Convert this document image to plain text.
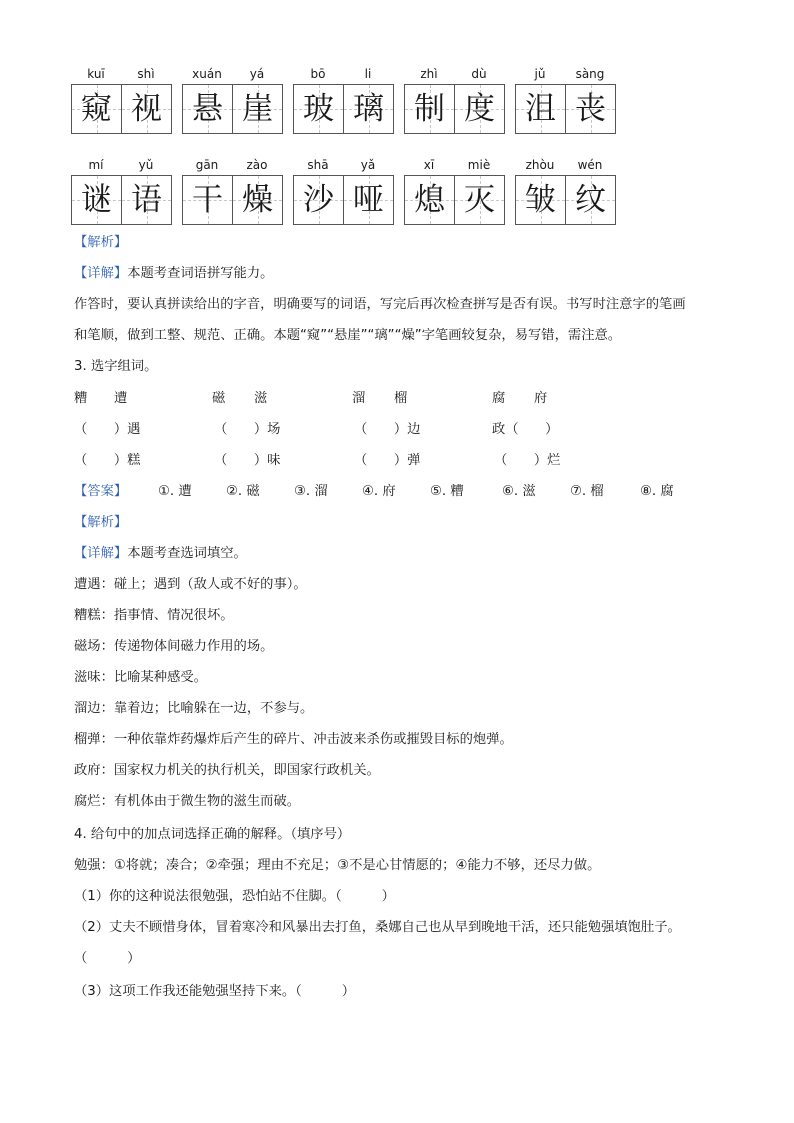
kuī	shì
窥 视
xuán	yá
悬 崖
bō	li
玻 璃
zhì	dù
制 度
jǔ	sàng
沮 丧
mí	yǔ
谜 语
gān	zào
干 燥
shā	yǎ
沙 哑
xī	miè
熄 灭
zhòu	wén
皱 纹
【解析】
【详解】本题考查词语拼写能力。
作答时，要认真拼读给出的字音，明确要写的词语，写完后再次检查拼写是否有误。书写时注意字的笔画
和笔顺，做到工整、规范、正确。本题“窥”“悬崖”“璃”“燥”字笔画较复杂，易写错，需注意。
3. 选字组词。
糟 遭	磁 滋	溜 榴	腐 府
（　　）遇	（　　）场	（　　）边	政（　　）
（　　）糕	（　　）味	（　　）弹	（　　）烂
【答案】 ①. 遭	②. 磁	③. 溜	④. 府	⑤. 糟	⑥. 滋	⑦. 榴	⑧. 腐
【解析】
【详解】本题考查选词填空。
遭遇：碰上；遇到（敌人或不好的事）。
糟糕：指事情、情况很坏。
磁场：传递物体间磁力作用的场。
滋味：比喻某种感受。
溜边：靠着边；比喻躲在一边，不参与。
榴弹：一种依靠炸药爆炸后产生的碎片、冲击波来杀伤或摧毁目标的炮弹。
政府：国家权力机关的执行机关，即国家行政机关。
腐烂：有机体由于微生物的滋生而破。
4. 给句中的加点词选择正确的解释。（填序号）
勉强：①将就；凑合；②牵强；理由不充足；③不是心甘情愿的；④能力不够，还尽力做。
（1）你的这种说法很勉强，恐怕站不住脚。（　　　）
（2）丈夫不顾惜身体，冒着寒冷和风暴出去打鱼，桑娜自己也从早到晚地干活，还只能勉强填饱肚子。
（　　　）
（3）这项工作我还能勉强坚持下来。（　　　）
